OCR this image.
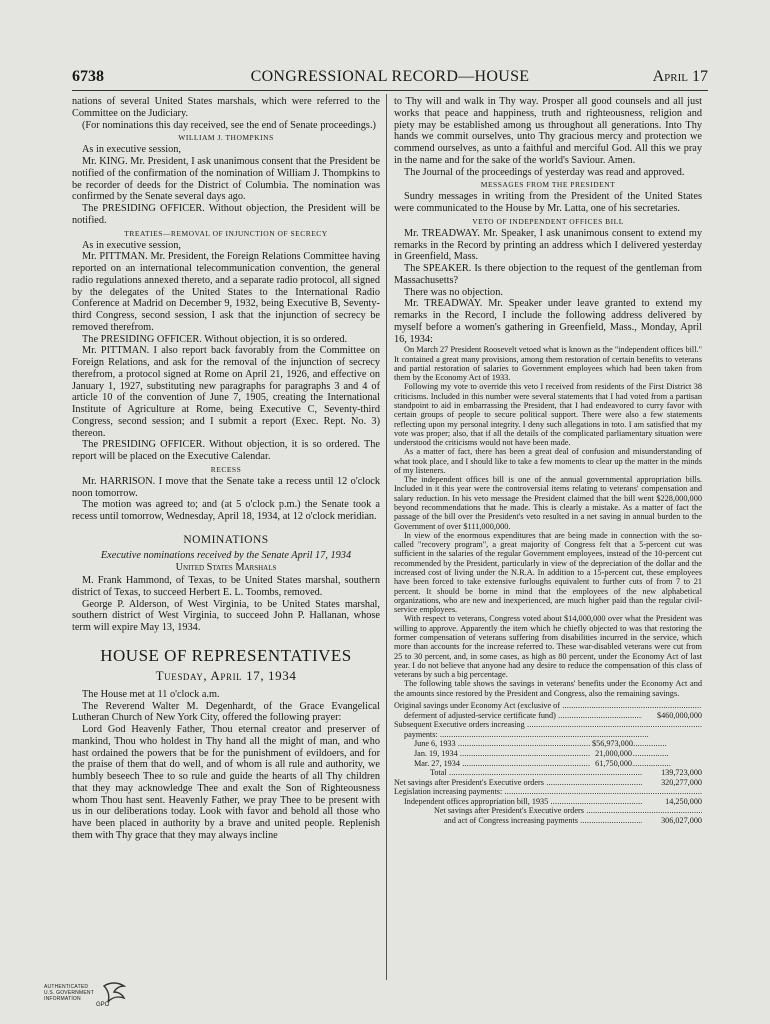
6738	CONGRESSIONAL RECORD—HOUSE	April 17

nations of several United States marshals, which were referred to the Committee on the Judiciary.

(For nominations this day received, see the end of Senate proceedings.)

WILLIAM J. THOMPKINS

As in executive session,

Mr. KING. Mr. President, I ask unanimous consent that the President be notified of the confirmation of the nomination of William J. Thompkins to be recorder of deeds for the District of Columbia. The nomination was confirmed by the Senate several days ago.

The PRESIDING OFFICER. Without objection, the President will be notified.

TREATIES—REMOVAL OF INJUNCTION OF SECRECY

As in executive session,

Mr. PITTMAN. Mr. President, the Foreign Relations Committee having reported on an international telecommunication convention, the general radio regulations annexed thereto, and a separate radio protocol, all signed by the delegates of the United States to the International Radio Conference at Madrid on December 9, 1932, being Executive B, Seventy-third Congress, second session, I ask that the injunction of secrecy be removed therefrom.

The PRESIDING OFFICER. Without objection, it is so ordered.

Mr. PITTMAN. I also report back favorably from the Committee on Foreign Relations, and ask for the removal of the injunction of secrecy therefrom, a protocol signed at Rome on April 21, 1926, and effective on January 1, 1927, substituting new paragraphs for paragraphs 3 and 4 of article 10 of the convention of June 7, 1905, creating the International Institute of Agriculture at Rome, being Executive C, Seventy-third Congress, second session; and I submit a report (Exec. Rept. No. 3) thereon.

The PRESIDING OFFICER. Without objection, it is so ordered. The report will be placed on the Executive Calendar.

RECESS

Mr. HARRISON. I move that the Senate take a recess until 12 o'clock noon tomorrow.

The motion was agreed to; and (at 5 o'clock p.m.) the Senate took a recess until tomorrow, Wednesday, April 18, 1934, at 12 o'clock meridian.

NOMINATIONS
Executive nominations received by the Senate April 17, 1934
United States Marshals

M. Frank Hammond, of Texas, to be United States marshal, southern district of Texas, to succeed Herbert E. L. Toombs, removed.

George P. Alderson, of West Virginia, to be United States marshal, southern district of West Virginia, to succeed John P. Hallanan, whose term will expire May 13, 1934.

HOUSE OF REPRESENTATIVES
Tuesday, April 17, 1934

The House met at 11 o'clock a.m.

The Reverend Walter M. Degenhardt, of the Grace Evangelical Lutheran Church of New York City, offered the following prayer:

Lord God Heavenly Father, Thou eternal creator and preserver of mankind, Thou who holdest in Thy hand all the might of man, and who hast ordained the powers that be for the punishment of evildoers, and for the praise of them that do well, and of whom is all rule and authority, we humbly beseech Thee to so rule and guide the hearts of all Thy children that they may acknowledge Thee and exalt the Son of Righteousness whom Thou hast sent. Heavenly Father, we pray Thee to be present with us in our deliberations today. Look with favor and behold all those who have been placed in authority by a brave and united people. Replenish them with Thy grace that they may always incline

to Thy will and walk in Thy way. Prosper all good counsels and all just works that peace and happiness, truth and righteousness, religion and piety may be established among us throughout all generations. Into Thy hands we commit ourselves, unto Thy gracious mercy and protection we commend ourselves, as unto a faithful and merciful God. All this we pray in the name and for the sake of the world's Saviour. Amen.

The Journal of the proceedings of yesterday was read and approved.

MESSAGES FROM THE PRESIDENT

Sundry messages in writing from the President of the United States were communicated to the House by Mr. Latta, one of his secretaries.

VETO OF INDEPENDENT OFFICES BILL

Mr. TREADWAY. Mr. Speaker, I ask unanimous consent to extend my remarks in the Record by printing an address which I delivered yesterday in Greenfield, Mass.

The SPEAKER. Is there objection to the request of the gentleman from Massachusetts?

There was no objection.

Mr. TREADWAY. Mr. Speaker under leave granted to extend my remarks in the Record, I include the following address delivered by myself before a women's gathering in Greenfield, Mass., Monday, April 16, 1934:

On March 27 President Roosevelt vetoed what is known as the "independent offices bill." It contained a great many provisions, among them restoration of certain benefits to veterans and partial restoration of salaries to Government employees which had been taken from them by the Economy Act of 1933.

Following my vote to override this veto I received from residents of the First District 38 criticisms. Included in this number were several statements that I had voted from a partisan standpoint to aid in embarrassing the President, that I had endeavored to curry favor with certain groups of people to secure political support. There were also a few statements reflecting upon my personal integrity. I deny such allegations in toto. I am satisfied that my vote was proper; also, that if all the details of the complicated parliamentary situation were understood the criticisms would not have been made.

As a matter of fact, there has been a great deal of confusion and misunderstanding of what took place, and I should like to take a few moments to clear up the matter in the minds of my listeners.

The independent offices bill is one of the annual governmental appropriation bills. Included in it this year were the controversial items relating to veterans' compensation and salary reduction. In his veto message the President claimed that the bill went $228,000,000 beyond recommendations that he made. This is clearly a mistake. As a matter of fact the passage of the bill over the President's veto resulted in a net saving in annual burden to the Government of over $111,000,000.

In view of the enormous expenditures that are being made in connection with the so-called "recovery program", a great majority of Congress felt that a 5-percent cut was sufficient in the salaries of the regular Government employees, instead of the 10-percent cut recommended by the President, particularly in view of the depreciation of the dollar and the increased cost of living under the N.R.A. In addition to a 15-percent cut, these employees have been forced to take extensive furloughs equivalent to further cuts of from 7 to 21 percent. It should be borne in mind that the employees of the new alphabetical organizations, who are new and inexperienced, are much higher paid than the regular civil-service employees.

With respect to veterans, Congress voted about $14,000,000 over what the President was willing to approve. Apparently the item which he chiefly objected to was that restoring the former compensation of veterans suffering from disabilities incurred in the service, which more than accounts for the increase referred to. These war-disabled veterans were cut from 25 to 30 percent, and, in some cases, as high as 80 percent, under the Economy Act of last year. I do not believe that anyone had any desire to reduce the compensation of this class of veterans by such a big percentage.

The following table shows the savings in veterans' benefits under the Economy Act and the amounts since restored by the President and Congress, also the remaining savings.

Original savings under Economy Act (exclusive of .....
deferment of adjusted-service certificate fund) .....	$460,000,000
Subsequent Executive orders increasing .....
payments: .....
June 6, 1933 .....	$56,973,000
Jan. 19, 1934 .....	21,000,000
Mar. 27, 1934 .....	61,750,000
Total .....	139,723,000
Net savings after President's Executive orders .....	320,277,000
Legislation increasing payments: .....
Independent offices appropriation bill, 1935 .....	14,250,000
Net savings after President's Executive orders .....
and act of Congress increasing payments .....	306,027,000
AUTHENTICATED
U.S. GOVERNMENT
INFORMATION
GPO
